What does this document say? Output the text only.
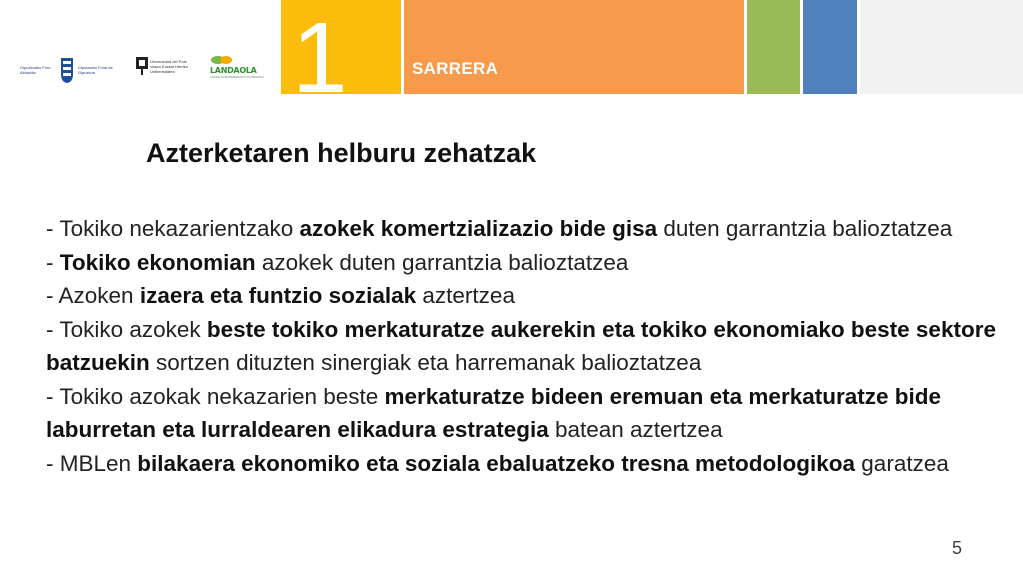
Gipuzkoako Foru Aldundia
Diputación Foral de Gipuzkoa
Universidad del País Vasco Euskal Herriko Unibertsitatea	LANDAOLA
LANDA GARAPENERAKO FUNDAZIOA 1	SARRERA
Azterketaren helburu zehatzak

- Tokiko nekazarientzako azokek komertzializazio bide gisa duten garrantzia balioztatzea

- Tokiko ekonomian azokek duten garrantzia balioztatzea

- Azoken izaera eta funtzio sozialak aztertzea

- Tokiko azokek beste tokiko merkaturatze aukerekin eta tokiko ekonomiako beste sektore batzuekin sortzen dituzten sinergiak eta harremanak balioztatzea

- Tokiko azokak nekazarien beste merkaturatze bideen eremuan eta merkaturatze bide laburretan eta lurraldearen elikadura estrategia batean aztertzea

- MBLen bilakaera ekonomiko eta soziala ebaluatzeko tresna metodologikoa garatzea

5
